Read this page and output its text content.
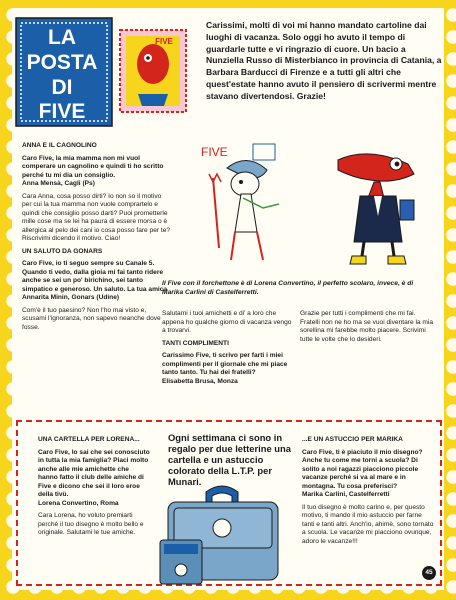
LA
POSTA
DI
FIVE
FIVE
Carissimi, molti di voi mi hanno mandato cartoline dai luoghi di vacanza. Solo oggi ho avuto il tempo di guardarle tutte e vi ringrazio di cuore. Un bacio a Nunziella Russo di Misterbianco in provincia di Catania, a Barbara Barducci di Firenze e a tutti gli altri che quest'estate hanno avuto il pensiero di scrivermi mentre stavano divertendosi. Grazie!

ANNA E IL CAGNOLINO

Caro Five, la mia mamma non mi vuol comperare un cagnolino e quindi ti ho scritto perché tu mi dia un consiglio.
Anna Mensà, Cagli (Ps)

Cara Anna, cosa posso dirti? Io non so il motivo per cui la tua mamma non vuole comprartelo e quindi che consiglio posso darti? Puoi prometterle mille cose ma se lei ha paura di essere morsa o è allergica al pelo dei cani io cosa posso fare per te? Riscrivimi dicendo il motivo. Ciao!

UN SALUTO DA GONARS

Caro Five, io ti seguo sempre su Canale 5. Quando ti vedo, dalla gioia mi fai tanto ridere anche se sei un po' birichino, sei tanto simpatico e generoso. Un saluto. La tua amica
Annarita Minin, Gonars (Udine)

Com'è il tuo paesino? Non l'ho mai visto e, scusami l'ignoranza, non sapevo neanche dove fosse.

FIVE
Il Five con il forchettone è di Lorena Convertino, il perfetto scolaro, invece, è di Marika Carlini di Castelferretti.

Salutami i tuoi amichetti e di' a loro che appena ho qualche giorno di vacanza vengo a trovarvi.

TANTI COMPLIMENTI

Carissimo Five, ti scrivo per farti i miei complimenti per il giornale che mi piace tanto tanto. Tu hai dei fratelli?
Elisabetta Brusa, Monza

Grazie per tutti i complimenti che mi fai. Fratelli non ne ho ma se vuoi diventare la mia sorellina mi farebbe molto piacere. Scrivimi tutte le volte che lo desideri.

UNA CARTELLA PER LORENA...

Caro Five, lo sai che sei conosciuto in tutta la mia famiglia? Piaci molto anche alle mie amichette che hanno fatto il club delle amiche di Five e dicono che sei il loro eroe della tivù.
Lorena Convertino, Roma

Cara Lorena, ho voluto premiarti perché il tuo disegno è molto bello e originale. Salutami le tue amiche.

Ogni settimana ci sono in regalo per due letterine una cartella e un astuccio colorato della L.T.P. per Munari.

...E UN ASTUCCIO PER MARIKA

Caro Five, ti è piaciuto il mio disegno? Anche tu come me torni a scuola? Di solito a noi ragazzi piacciono piccole vacanze perché si va al mare e in montagna. Tu cosa preferisci?
Marika Carlini, Castelferretti

Il tuo disegno è molto carino e, per questo motivo, ti mando il mio astuccio per farne tanti e tanti altri. Anch'io, ahimè, sono tornato a scuola. Le vacanze mi piacciono ovunque, adoro le vacanze!!!

45
